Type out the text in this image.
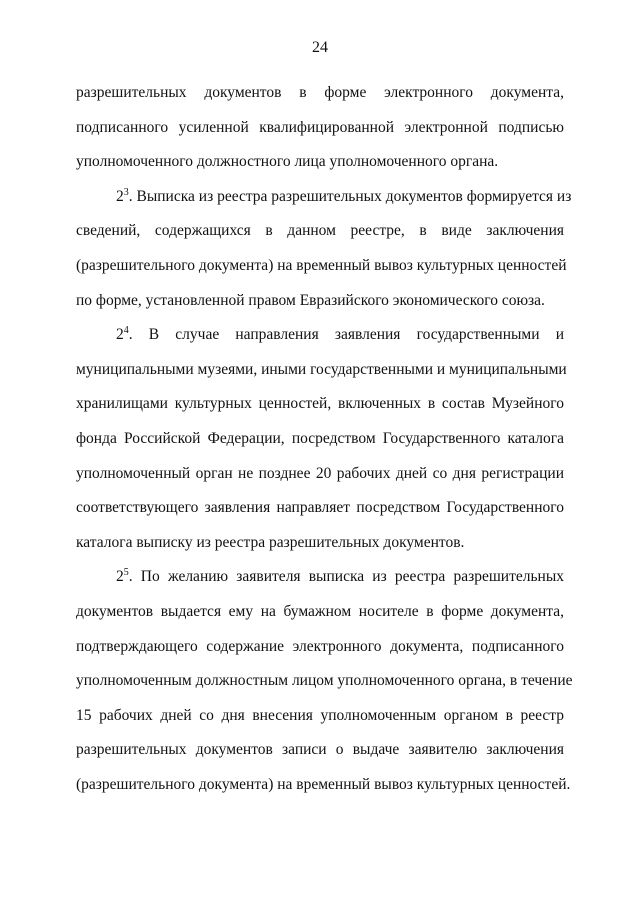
24
разрешительных документов в форме электронного документа,
подписанного усиленной квалифицированной электронной подписью
уполномоченного должностного лица уполномоченного органа.
$2^3$. Выписка из реестра разрешительных документов формируется из
сведений, содержащихся в данном реестре, в виде заключения
(разрешительного документа) на временный вывоз культурных ценностей
по форме, установленной правом Евразийского экономического союза.
$2^4$. В случае направления заявления государственными и
муниципальными музеями, иными государственными и муниципальными
хранилищами культурных ценностей, включенных в состав Музейного
фонда Российской Федерации, посредством Государственного каталога
уполномоченный орган не позднее 20 рабочих дней со дня регистрации
соответствующего заявления направляет посредством Государственного
каталога выписку из реестра разрешительных документов.
$2^5$. По желанию заявителя выписка из реестра разрешительных
документов выдается ему на бумажном носителе в форме документа,
подтверждающего содержание электронного документа, подписанного
уполномоченным должностным лицом уполномоченного органа, в течение
15 рабочих дней со дня внесения уполномоченным органом в реестр
разрешительных документов записи о выдаче заявителю заключения
(разрешительного документа) на временный вывоз культурных ценностей.
